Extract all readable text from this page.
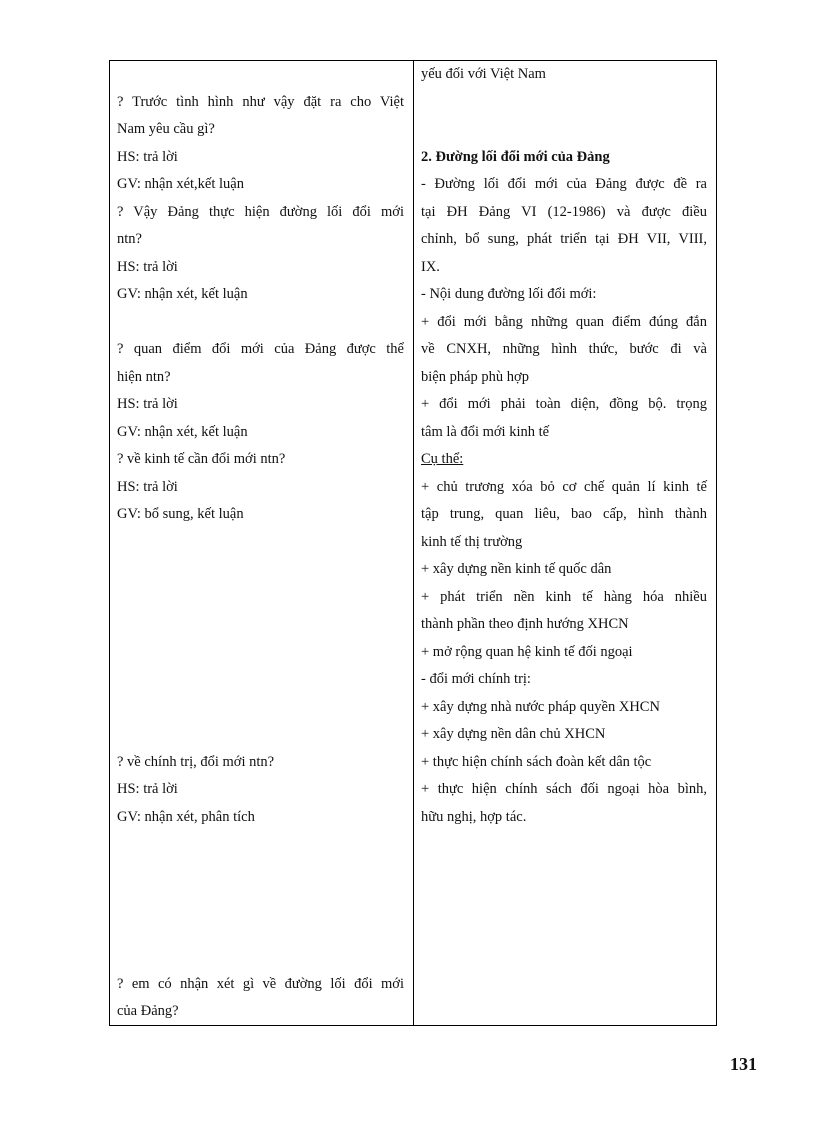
? Trước tình hình như vậy đặt ra cho Việt
Nam yêu cầu gì?
HS: trả lời
GV: nhận xét,kết luận
? Vậy Đảng thực hiện đường lối đổi mới
ntn?
HS: trả lời
GV: nhận xét, kết luận
? quan điểm đổi mới của Đảng được thể
hiện ntn?
HS: trả lời
GV: nhận xét, kết luận
? về kinh tế cần đổi mới ntn?
HS: trả lời
GV: bổ sung, kết luận
? về chính trị, đổi mới ntn?
HS: trả lời
GV: nhận xét, phân tích
? em có nhận xét gì về đường lối đổi mới
của Đảng?
yếu đối với Việt Nam
2. Đường lối đổi mới của Đảng
- Đường lối đổi mới của Đảng được đề ra
tại ĐH Đảng VI (12-1986) và được điều
chỉnh, bổ sung, phát triển tại ĐH VII, VIII,
IX.
- Nội dung đường lối đổi mới:
+ đổi mới bằng những quan điểm đúng đắn
về CNXH, những hình thức, bước đi và
biện pháp phù hợp
+ đổi mới phải toàn diện, đồng bộ. trọng
tâm là đổi mới kinh tế
Cụ thể:
+ chủ trương xóa bỏ cơ chế quản lí kinh tế
tập trung, quan liêu, bao cấp, hình thành
kinh tế thị trường
+ xây dựng nền kinh tế quốc dân
+ phát triển nền kinh tế hàng hóa nhiều
thành phần theo định hướng XHCN
+ mở rộng quan hệ kinh tế đối ngoại
- đổi mới chính trị:
+ xây dựng nhà nước pháp quyền XHCN
+ xây dựng nền dân chủ XHCN
+ thực hiện chính sách đoàn kết dân tộc
+ thực hiện chính sách đối ngoại hòa bình,
hữu nghị, hợp tác.
131
